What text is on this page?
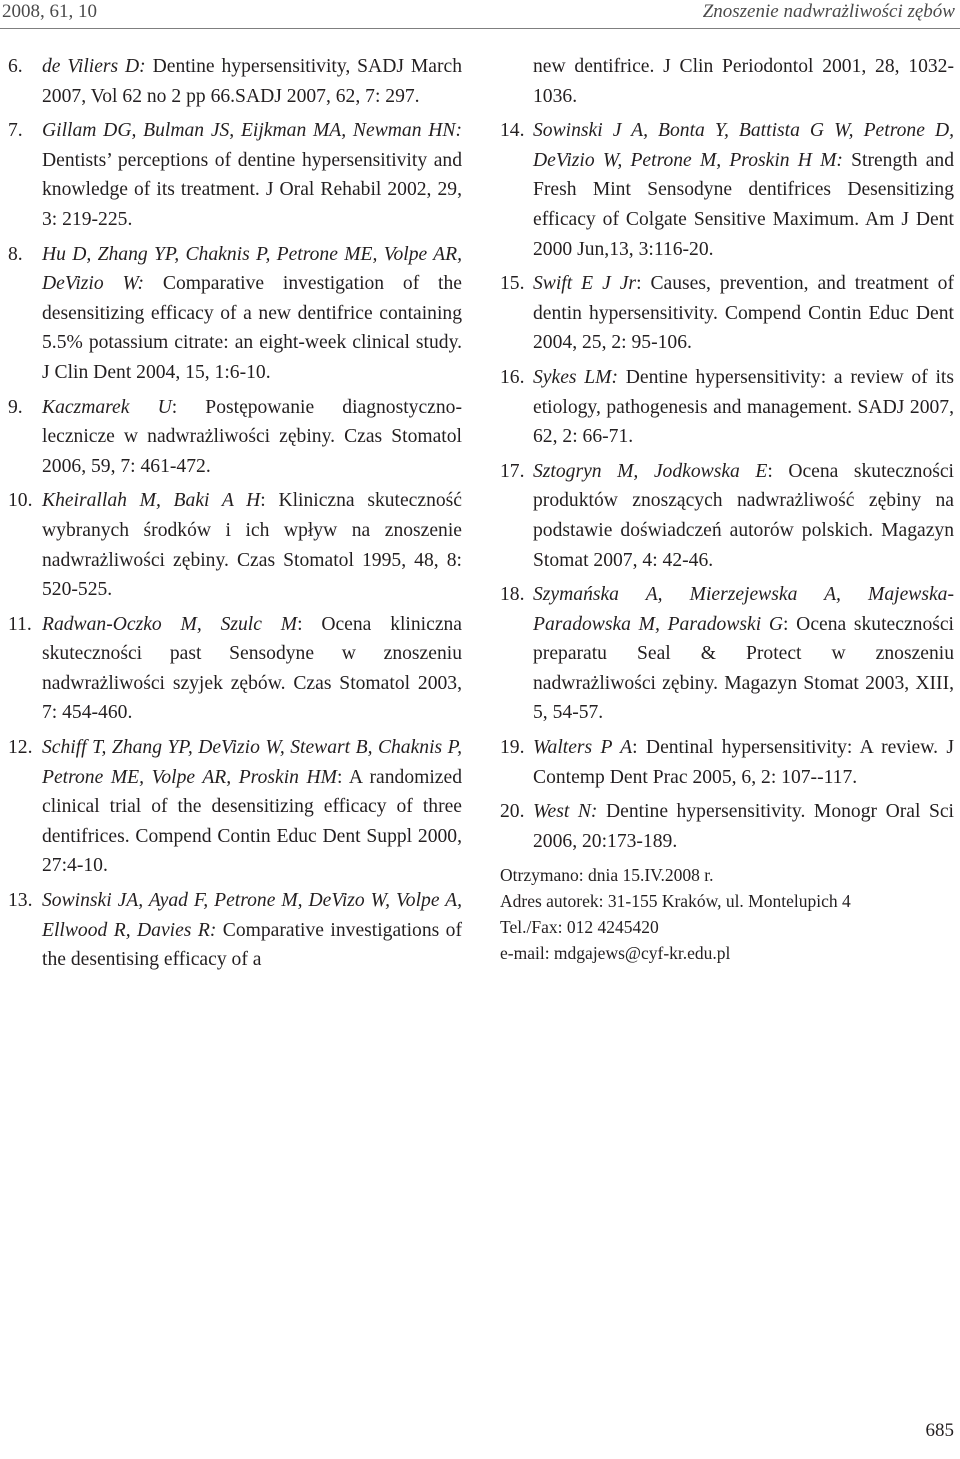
2008, 61, 10	Znoszenie nadwrażliwości zębów
6. de Viliers D: Dentine hypersensitivity, SADJ March 2007, Vol 62 no 2 pp 66.SADJ 2007, 62, 7: 297.
7. Gillam DG, Bulman JS, Eijkman MA, Newman HN: Dentists’ perceptions of dentine hypersensitivity and knowledge of its treatment. J Oral Rehabil 2002, 29, 3: 219-225.
8. Hu D, Zhang YP, Chaknis P, Petrone ME, Volpe AR, DeVizio W: Comparative investigation of the desensitizing efficacy of a new dentifrice containing 5.5% potassium citrate: an eight-week clinical study. J Clin Dent 2004, 15, 1:6-10.
9. Kaczmarek U: Postępowanie diagnostyczno-lecznicze w nadwrażliwości zębiny. Czas Stomatol 2006, 59, 7: 461-472.
10. Kheirallah M, Baki A H: Kliniczna skuteczność wybranych środków i ich wpływ na znoszenie nadwrażliwości zębiny. Czas Stomatol 1995, 48, 8: 520-525.
11. Radwan-Oczko M, Szulc M: Ocena kliniczna skuteczności past Sensodyne w znoszeniu nadwrażliwości szyjek zębów. Czas Stomatol 2003, 7: 454-460.
12. Schiff T, Zhang YP, DeVizio W, Stewart B, Chaknis P, Petrone ME, Volpe AR, Proskin HM: A randomized clinical trial of the desensitizing efficacy of three dentifrices. Compend Contin Educ Dent Suppl 2000, 27:4-10.
13. Sowinski JA, Ayad F, Petrone M, DeVizo W, Volpe A, Ellwood R, Davies R: Comparative investigations of the desentising efficacy of a
new dentifrice. J Clin Periodontol 2001, 28, 1032-1036.
14. Sowinski J A, Bonta Y, Battista G W, Petrone D, DeVizio W, Petrone M, Proskin H M: Strength and Fresh Mint Sensodyne dentifrices Desensitizing efficacy of Colgate Sensitive Maximum. Am J Dent 2000 Jun,13, 3:116-20.
15. Swift E J Jr: Causes, prevention, and treatment of dentin hypersensitivity. Compend Contin Educ Dent 2004, 25, 2: 95-106.
16. Sykes LM: Dentine hypersensitivity: a review of its etiology, pathogenesis and management. SADJ 2007, 62, 2: 66-71.
17. Sztogryn M, Jodkowska E: Ocena skuteczności produktów znoszących nadwrażliwość zębiny na podstawie doświadczeń autorów polskich. Magazyn Stomat 2007, 4: 42-46.
18. Szymańska A, Mierzejewska A, Majewska-Paradowska M, Paradowski G: Ocena skuteczności preparatu Seal & Protect w znoszeniu nadwrażliwości zębiny. Magazyn Stomat 2003, XIII, 5, 54-57.
19. Walters P A: Dentinal hypersensitivity: A review. J Contemp Dent Prac 2005, 6, 2: 107--117.
20. West N: Dentine hypersensitivity. Monogr Oral Sci 2006, 20:173-189.
Otrzymano: dnia 15.IV.2008 r.
Adres autorek: 31-155 Kraków, ul. Montelupich 4
Tel./Fax: 012 4245420
e-mail: mdgajews@cyf-kr.edu.pl
685
